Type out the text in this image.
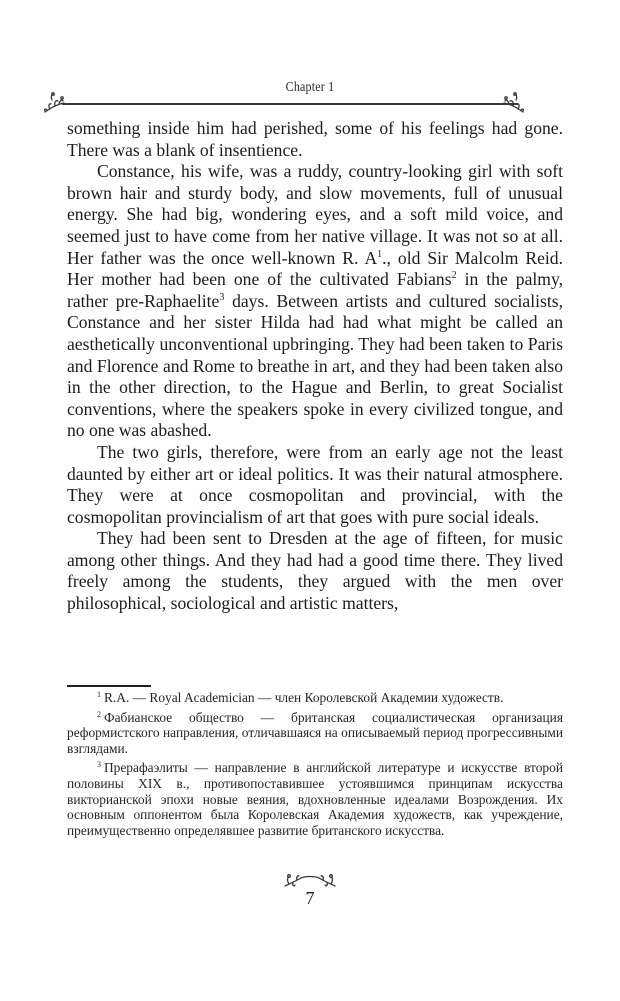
Chapter 1

something inside him had perished, some of his feelings had gone. There was a blank of insentience.

Constance, his wife, was a ruddy, country-looking girl with soft brown hair and sturdy body, and slow movements, full of unusual energy. She had big, wondering eyes, and a soft mild voice, and seemed just to have come from her native village. It was not so at all. Her father was the once well-known R. $A^1$., old Sir Malcolm Reid. Her mother had been one of the cultivated Fabians$^2$ in the palmy, rather pre-Raphaelite$^3$ days. Between artists and cultured socialists, Constance and her sister Hilda had had what might be called an aesthetically unconventional upbringing. They had been taken to Paris and Florence and Rome to breathe in art, and they had been taken also in the other direction, to the Hague and Berlin, to great Socialist conventions, where the speakers spoke in every civilized tongue, and no one was abashed.

The two girls, therefore, were from an early age not the least daunted by either art or ideal politics. It was their natural atmosphere. They were at once cosmopolitan and provincial, with the cosmopolitan provincialism of art that goes with pure social ideals.

They had been sent to Dresden at the age of fifteen, for music among other things. And they had had a good time there. They lived freely among the students, they argued with the men over philosophical, sociological and artistic matters,

$^1$ R.A. — Royal Academician — член Королевской Академии художеств.

$^2$ Фабианское общество — британская социалистическая организация реформистского направления, отличавшаяся на описываемый период прогрессивными взглядами.

$^3$ Прерафаэлиты — направление в английской литературе и искусстве второй половины XIX в., противопоставившее устоявшимся принципам искусства викторианской эпохи новые веяния, вдохновленные идеалами Возрождения. Их основным оппонентом была Королевская Академия художеств, как учреждение, преимущественно определявшее развитие британского искусства.

7
